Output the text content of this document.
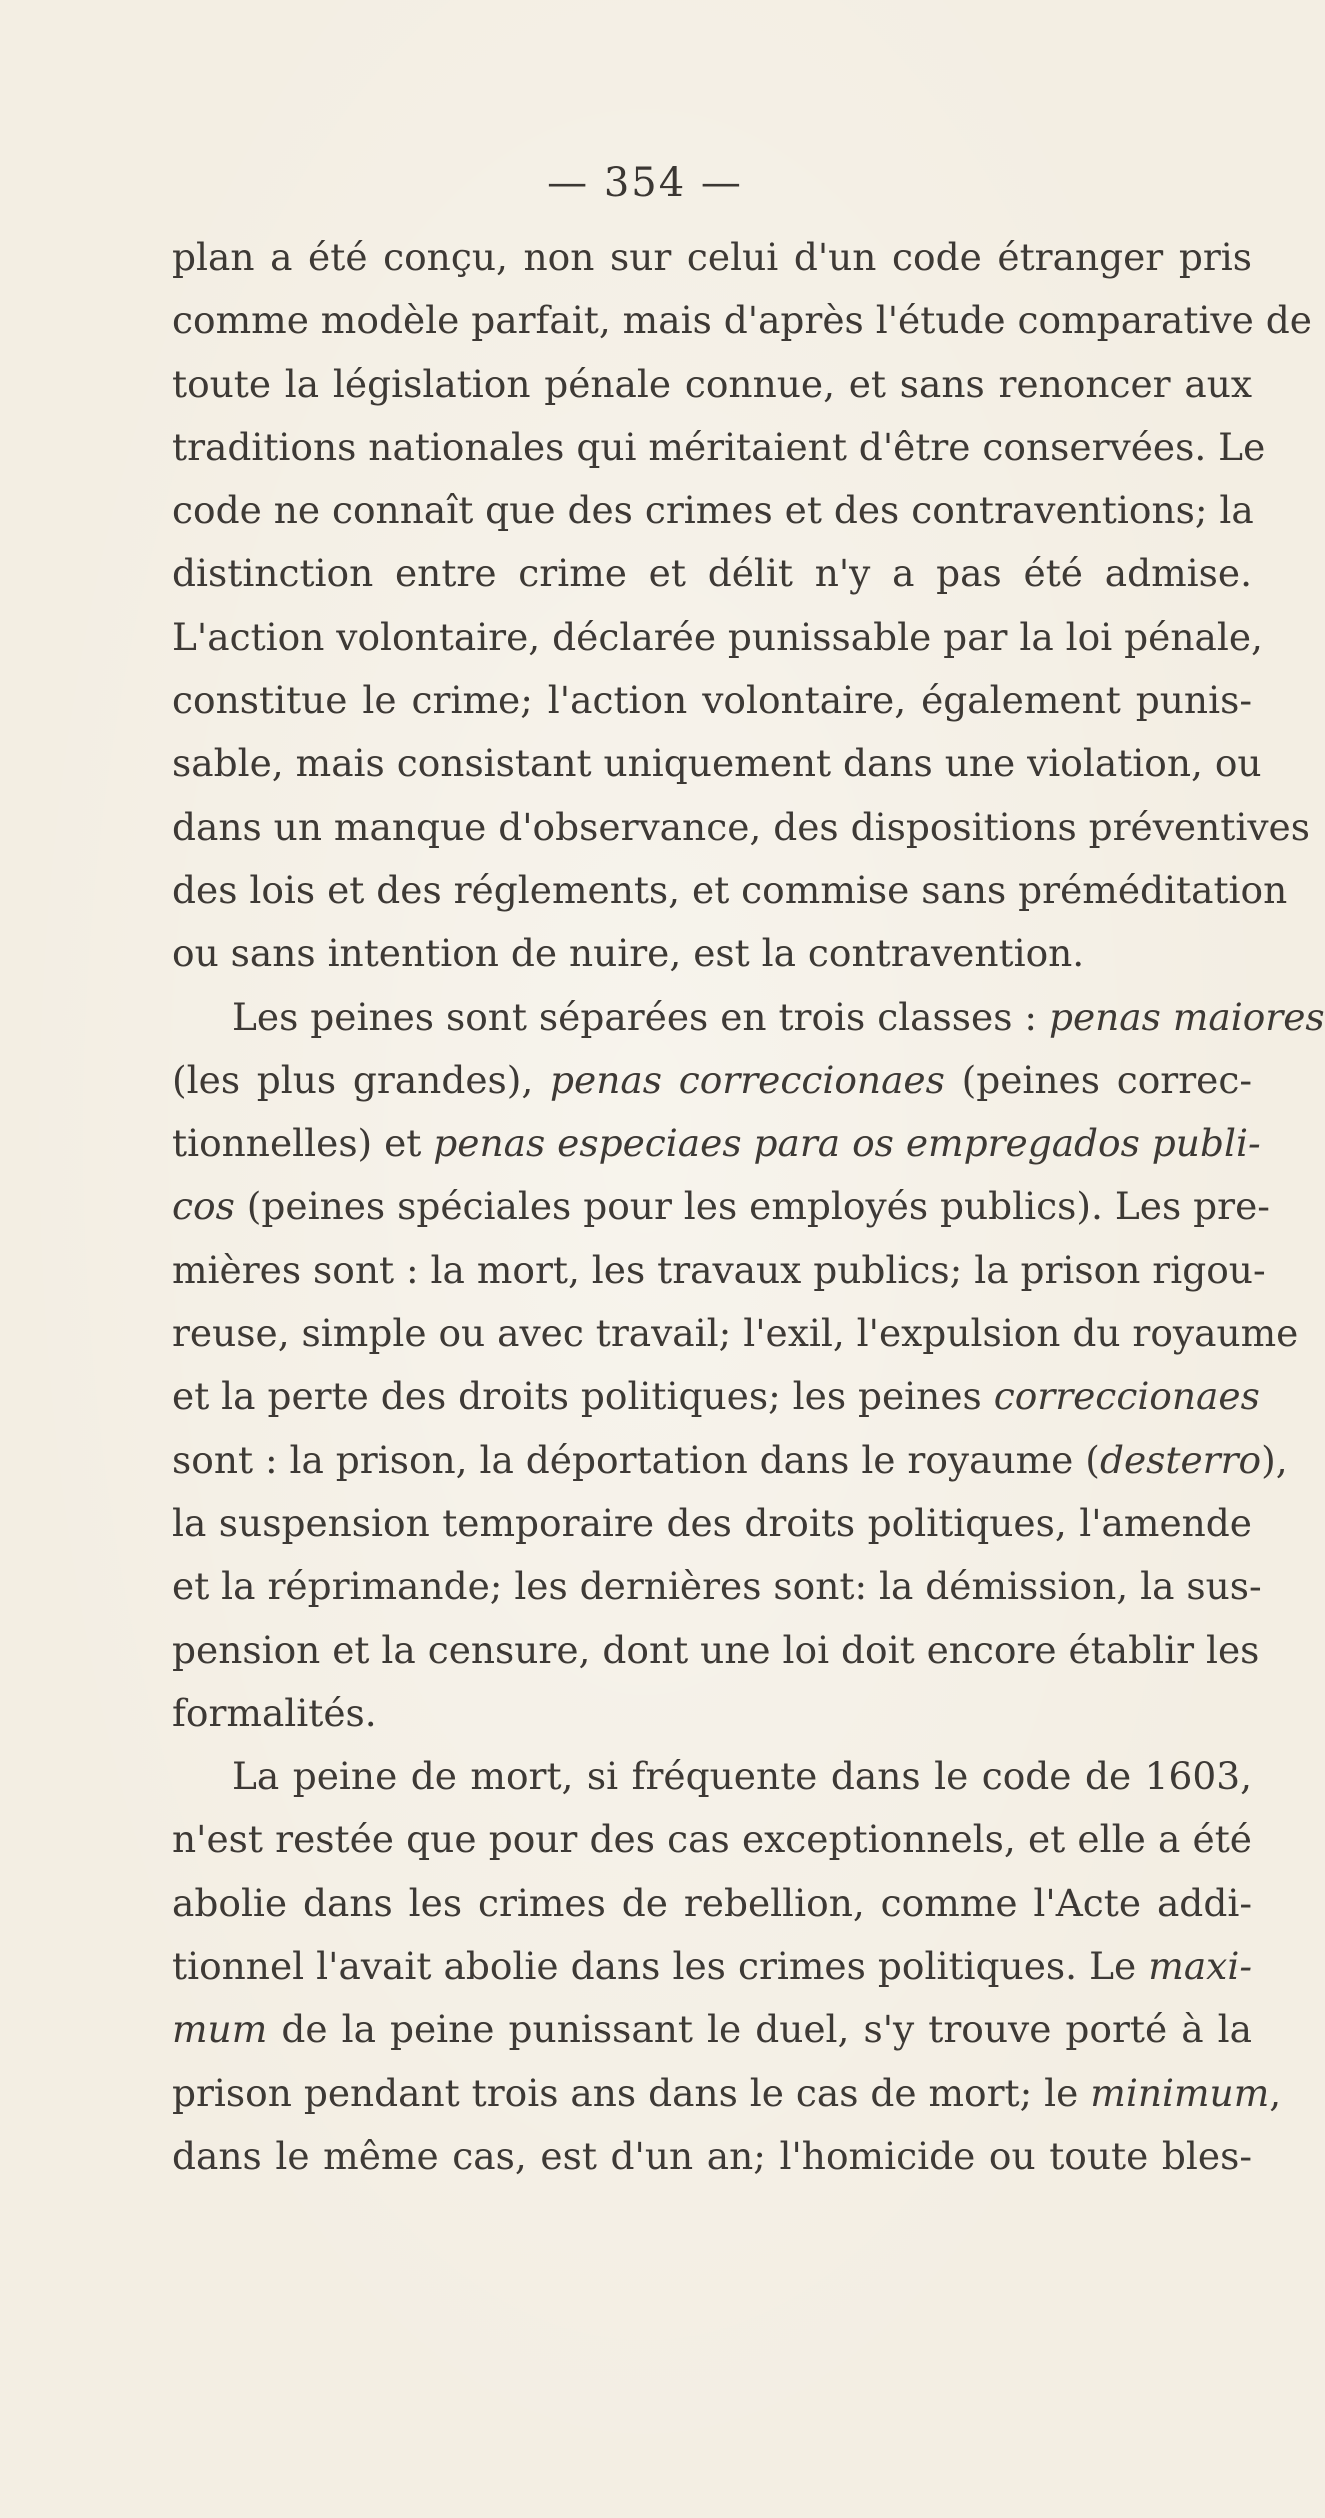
— 354 —
plan a été conçu, non sur celui d'un code étranger pris
comme modèle parfait, mais d'après l'étude comparative de
toute la législation pénale connue, et sans renoncer aux
traditions nationales qui méritaient d'être conservées. Le
code ne connaît que des crimes et des contraventions; la
distinction entre crime et délit n'y a pas été admise.
L'action volontaire, déclarée punissable par la loi pénale,
constitue le crime; l'action volontaire, également punis-
sable, mais consistant uniquement dans une violation, ou
dans un manque d'observance, des dispositions préventives
des lois et des réglements, et commise sans préméditation
ou sans intention de nuire, est la contravention.
Les peines sont séparées en trois classes : penas maiores
(les plus grandes), penas correccionaes (peines correc-
tionnelles) et penas especiaes para os empregados publi-
cos (peines spéciales pour les employés publics). Les pre-
mières sont : la mort, les travaux publics; la prison rigou-
reuse, simple ou avec travail; l'exil, l'expulsion du royaume
et la perte des droits politiques; les peines correccionaes
sont : la prison, la déportation dans le royaume (desterro),
la suspension temporaire des droits politiques, l'amende
et la réprimande; les dernières sont: la démission, la sus-
pension et la censure, dont une loi doit encore établir les
formalités.
La peine de mort, si fréquente dans le code de 1603,
n'est restée que pour des cas exceptionnels, et elle a été
abolie dans les crimes de rebellion, comme l'Acte addi-
tionnel l'avait abolie dans les crimes politiques. Le maxi-
mum de la peine punissant le duel, s'y trouve porté à la
prison pendant trois ans dans le cas de mort; le minimum,
dans le même cas, est d'un an; l'homicide ou toute bles-
